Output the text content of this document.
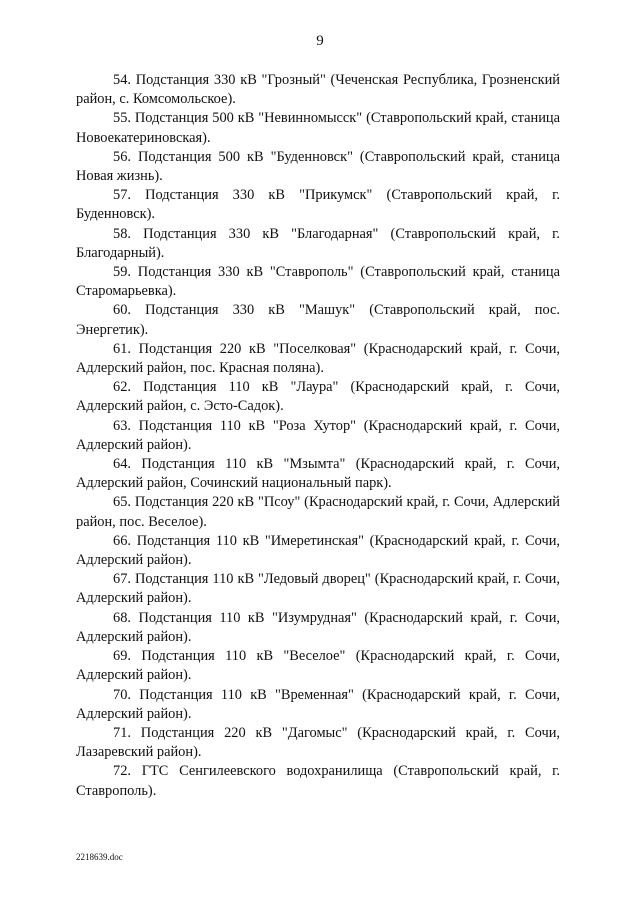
9

54. Подстанция 330 кВ "Грозный" (Чеченская Республика, Грозненский район, с. Комсомольское).

55. Подстанция 500 кВ "Невинномысск" (Ставропольский край, станица Новоекатериновская).

56. Подстанция 500 кВ "Буденновск" (Ставропольский край, станица Новая жизнь).

57. Подстанция 330 кВ "Прикумск" (Ставропольский край, г. Буденновск).

58. Подстанция 330 кВ "Благодарная" (Ставропольский край, г. Благодарный).

59. Подстанция 330 кВ "Ставрополь" (Ставропольский край, станица Старомарьевка).

60. Подстанция 330 кВ "Машук" (Ставропольский край, пос. Энергетик).

61. Подстанция 220 кВ "Поселковая" (Краснодарский край, г. Сочи, Адлерский район, пос. Красная поляна).

62. Подстанция 110 кВ "Лаура" (Краснодарский край, г. Сочи, Адлерский район, с. Эсто-Садок).

63. Подстанция 110 кВ "Роза Хутор" (Краснодарский край, г. Сочи, Адлерский район).

64. Подстанция 110 кВ "Мзымта" (Краснодарский край, г. Сочи, Адлерский район, Сочинский национальный парк).

65. Подстанция 220 кВ "Псоу" (Краснодарский край, г. Сочи, Адлерский район, пос. Веселое).

66. Подстанция 110 кВ "Имеретинская" (Краснодарский край, г. Сочи, Адлерский район).

67. Подстанция 110 кВ "Ледовый дворец" (Краснодарский край, г. Сочи, Адлерский район).

68. Подстанция 110 кВ "Изумрудная" (Краснодарский край, г. Сочи, Адлерский район).

69. Подстанция 110 кВ "Веселое" (Краснодарский край, г. Сочи, Адлерский район).

70. Подстанция 110 кВ "Временная" (Краснодарский край, г. Сочи, Адлерский район).

71. Подстанция 220 кВ "Дагомыс" (Краснодарский край, г. Сочи, Лазаревский район).

72. ГТС Сенгилеевского водохранилища (Ставропольский край, г. Ставрополь).

2218639.doc
